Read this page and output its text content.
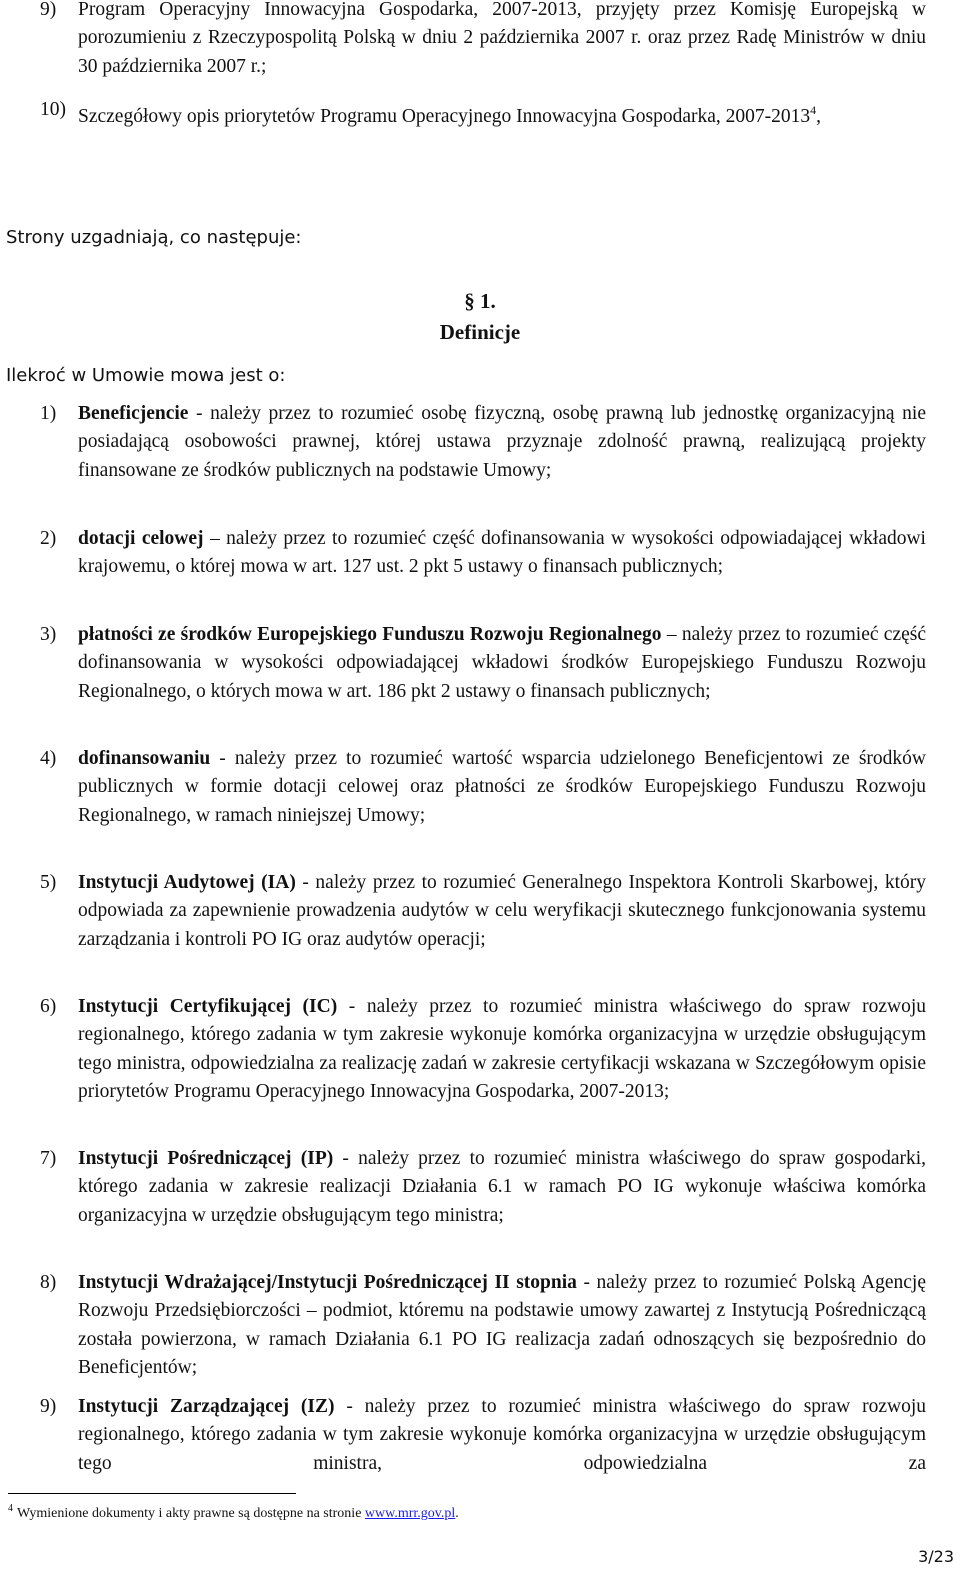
9)	Program Operacyjny Innowacyjna Gospodarka, 2007-2013, przyjęty przez Komisję Europejską w porozumieniu z Rzeczypospolitą Polską w dniu 2 października 2007 r. oraz przez Radę Ministrów w dniu 30 października 2007 r.;
10) Szczegółowy opis priorytetów Programu Operacyjnego Innowacyjna Gospodarka, 2007-2013$^4$,
Strony uzgadniają, co następuje:
§ 1.
Definicje
Ilekroć w Umowie mowa jest o:
1)	Beneficjencie - należy przez to rozumieć osobę fizyczną, osobę prawną lub jednostkę organizacyjną nie posiadającą osobowości prawnej, której ustawa przyznaje zdolność prawną, realizującą projekty finansowane ze środków publicznych na podstawie Umowy;
2)	dotacji celowej – należy przez to rozumieć część dofinansowania w wysokości odpowiadającej wkładowi krajowemu, o której mowa w art. 127 ust. 2 pkt 5 ustawy o finansach publicznych;
3)	płatności ze środków Europejskiego Funduszu Rozwoju Regionalnego – należy przez to rozumieć część dofinansowania w wysokości odpowiadającej wkładowi środków Europejskiego Funduszu Rozwoju Regionalnego, o których mowa w art. 186 pkt 2 ustawy o finansach publicznych;
4)	dofinansowaniu - należy przez to rozumieć wartość wsparcia udzielonego Beneficjentowi ze środków publicznych w formie dotacji celowej oraz płatności ze środków Europejskiego Funduszu Rozwoju Regionalnego, w ramach niniejszej Umowy;
5)	Instytucji Audytowej (IA) - należy przez to rozumieć Generalnego Inspektora Kontroli Skarbowej, który odpowiada za zapewnienie prowadzenia audytów w celu weryfikacji skutecznego funkcjonowania systemu zarządzania i kontroli PO IG oraz audytów operacji;
6)	Instytucji Certyfikującej (IC) - należy przez to rozumieć ministra właściwego do spraw rozwoju regionalnego, którego zadania w tym zakresie wykonuje komórka organizacyjna w urzędzie obsługującym tego ministra, odpowiedzialna za realizację zadań w zakresie certyfikacji wskazana w Szczegółowym opisie priorytetów Programu Operacyjnego Innowacyjna Gospodarka, 2007-2013;
7)	Instytucji Pośredniczącej (IP) - należy przez to rozumieć ministra właściwego do spraw gospodarki, którego zadania w zakresie realizacji Działania 6.1 w ramach PO IG wykonuje właściwa komórka organizacyjna w urzędzie obsługującym tego ministra;
8)	Instytucji Wdrażającej/Instytucji Pośredniczącej II stopnia - należy przez to rozumieć Polską Agencję Rozwoju Przedsiębiorczości – podmiot, któremu na podstawie umowy zawartej z Instytucją Pośredniczącą została powierzona, w ramach Działania 6.1 PO IG realizacja zadań odnoszących się bezpośrednio do Beneficjentów;
9)	Instytucji Zarządzającej (IZ) - należy przez to rozumieć ministra właściwego do spraw rozwoju regionalnego, którego zadania w tym zakresie wykonuje komórka organizacyjna w urzędzie obsługującym tego ministra, odpowiedzialna za
$^4$ Wymienione dokumenty i akty prawne są dostępne na stronie www.mrr.gov.pl.
3/23
